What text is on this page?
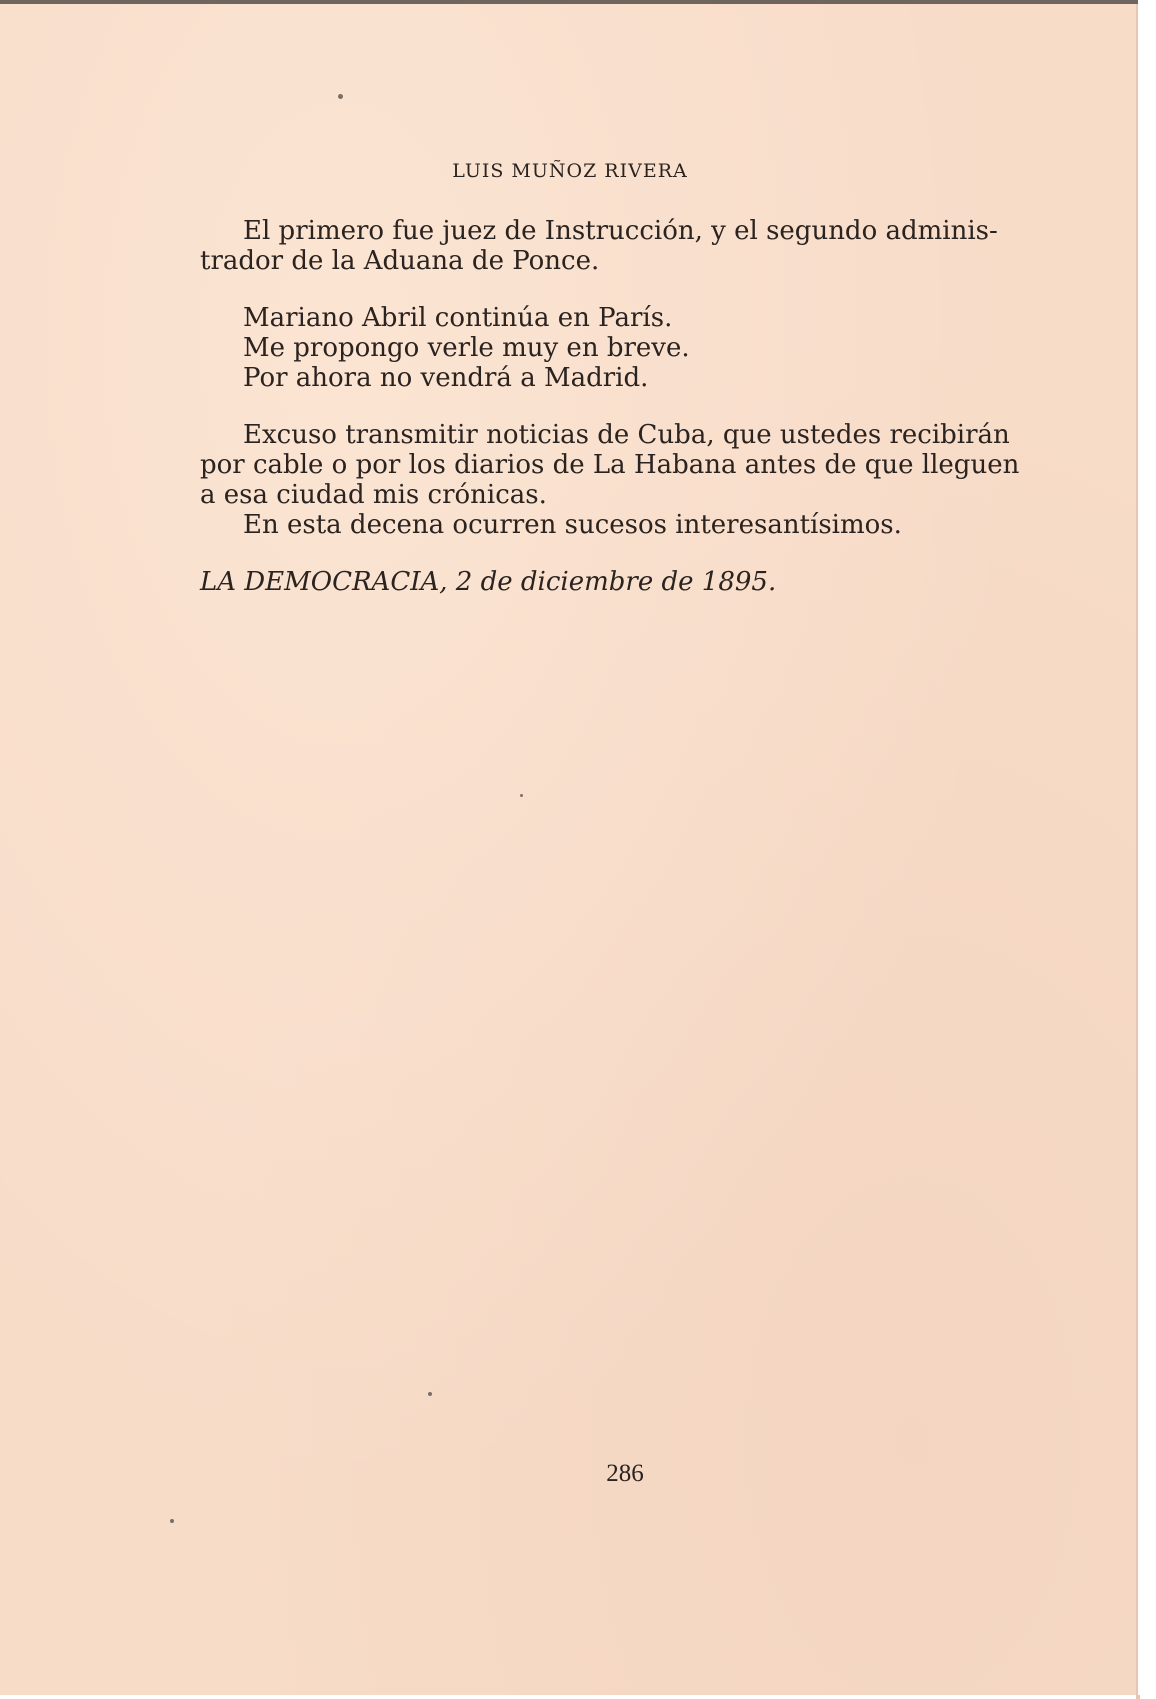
LUIS MUÑOZ RIVERA

El primero fue juez de Instrucción, y el segundo adminis-

trador de la Aduana de Ponce.

Mariano Abril continúa en París.

Me propongo verle muy en breve.

Por ahora no vendrá a Madrid.

Excuso transmitir noticias de Cuba, que ustedes recibirán

por cable o por los diarios de La Habana antes de que lleguen

a esa ciudad mis crónicas.

En esta decena ocurren sucesos interesantísimos.

LA DEMOCRACIA, 2 de diciembre de 1895.

286
